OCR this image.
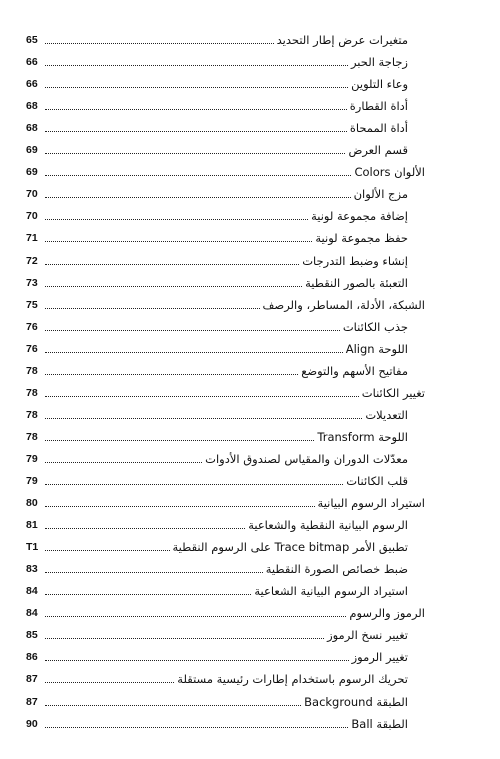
متغيرات عرض إطار التحديد
65
زجاجة الحبر
66
وعاء التلوين
66
أداة القطارة
68
أداة الممحاة
68
قسم العرض
69
الألوان Colors
69
مزج الألوان
70
إضافة مجموعة لونية
70
حفظ مجموعة لونية
71
إنشاء وضبط التدرجات
72
التعبئة بالصور النقطية
73
الشبكة، الأدلة، المساطر، والرصف
75
جذب الكائنات
76
اللوحة Align
76
مفاتيح الأسهم والتوضع
78
تغيير الكائنات
78
التعديلات
78
اللوحة Transform
78
معدّلات الدوران والمقياس لصندوق الأدوات
79
قلب الكائنات
79
استيراد الرسوم البيانية
80
الرسوم البيانية النقطية والشعاعية
81
تطبيق الأمر Trace bitmap على الرسوم النقطية
T1
ضبط خصائص الصورة النقطية
83
استيراد الرسوم البيانية الشعاعية
84
الرموز والرسوم
84
تغيير نسخ الرموز
85
تغيير الرموز
86
تحريك الرسوم باستخدام إطارات رئيسية مستقلة
87
الطبقة Background
87
الطبقة Ball
90
